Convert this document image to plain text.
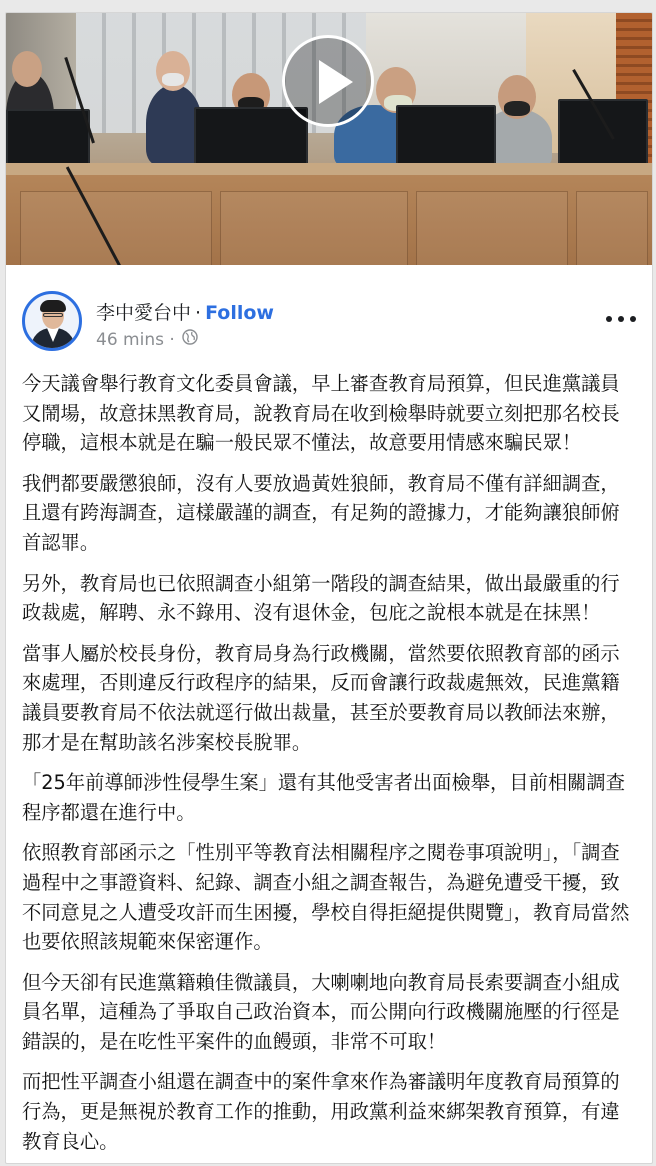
李中愛台中 · Follow
46 mins ·

今天議會舉行教育文化委員會議，早上審查教育局預算，但民進黨議員又鬧場，故意抹黑教育局，說教育局在收到檢舉時就要立刻把那名校長停職，這根本就是在騙一般民眾不懂法，故意要用情感來騙民眾！

我們都要嚴懲狼師，沒有人要放過黃姓狼師，教育局不僅有詳細調查，且還有跨海調查，這樣嚴謹的調查，有足夠的證據力，才能夠讓狼師俯首認罪。

另外，教育局也已依照調查小組第一階段的調查結果，做出最嚴重的行政裁處，解聘、永不錄用、沒有退休金，包庇之說根本就是在抹黑！

當事人屬於校長身份，教育局身為行政機關，當然要依照教育部的函示來處理，否則違反行政程序的結果，反而會讓行政裁處無效，民進黨籍議員要教育局不依法就逕行做出裁量，甚至於要教育局以教師法來辦，那才是在幫助該名涉案校長脫罪。

「25年前導師涉性侵學生案」還有其他受害者出面檢舉，目前相關調查程序都還在進行中。

依照教育部函示之「性別平等教育法相關程序之閱卷事項說明」，「調查過程中之事證資料、紀錄、調查小組之調查報告，為避免遭受干擾，致不同意見之人遭受攻訐而生困擾，學校自得拒絕提供閱覽」，教育局當然也要依照該規範來保密運作。

但今天卻有民進黨籍賴佳微議員，大喇喇地向教育局長索要調查小組成員名單，這種為了爭取自己政治資本，而公開向行政機關施壓的行徑是錯誤的，是在吃性平案件的血饅頭，非常不可取！

而把性平調查小組還在調查中的案件拿來作為審議明年度教育局預算的行為，更是無視於教育工作的推動，用政黨利益來綁架教育預算，有違教育良心。
